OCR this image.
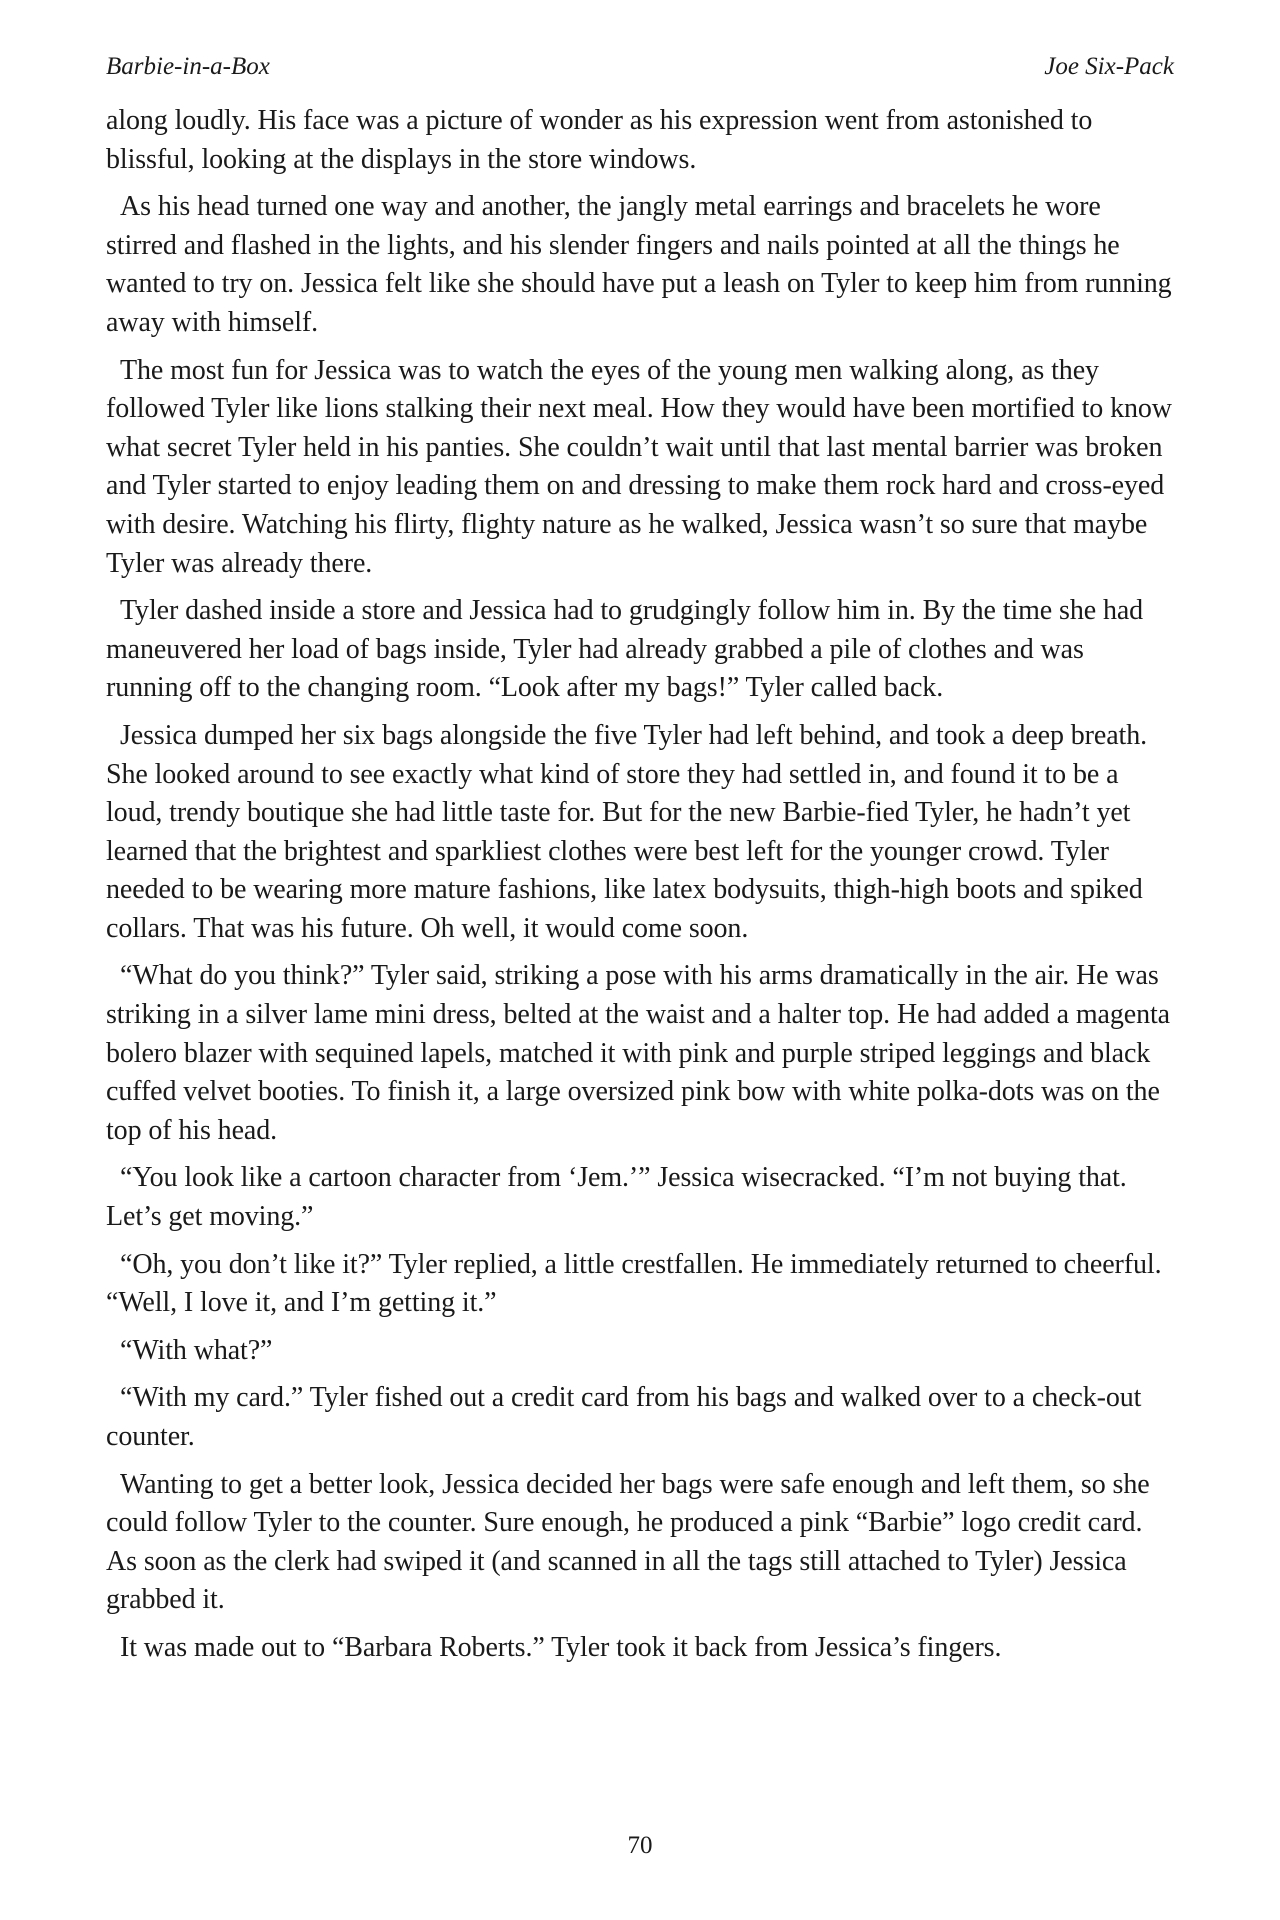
Barbie-in-a-Box	Joe Six-Pack

along loudly. His face was a picture of wonder as his expression went from astonished to blissful, looking at the displays in the store windows.

As his head turned one way and another, the jangly metal earrings and bracelets he wore stirred and flashed in the lights, and his slender fingers and nails pointed at all the things he wanted to try on. Jessica felt like she should have put a leash on Tyler to keep him from running away with himself.

The most fun for Jessica was to watch the eyes of the young men walking along, as they followed Tyler like lions stalking their next meal. How they would have been mortified to know what secret Tyler held in his panties. She couldn’t wait until that last mental barrier was broken and Tyler started to enjoy leading them on and dressing to make them rock hard and cross-eyed with desire. Watching his flirty, flighty nature as he walked, Jessica wasn’t so sure that maybe Tyler was already there.

Tyler dashed inside a store and Jessica had to grudgingly follow him in. By the time she had maneuvered her load of bags inside, Tyler had already grabbed a pile of clothes and was running off to the changing room. “Look after my bags!” Tyler called back.

Jessica dumped her six bags alongside the five Tyler had left behind, and took a deep breath. She looked around to see exactly what kind of store they had settled in, and found it to be a loud, trendy boutique she had little taste for. But for the new Barbie-fied Tyler, he hadn’t yet learned that the brightest and sparkliest clothes were best left for the younger crowd. Tyler needed to be wearing more mature fashions, like latex bodysuits, thigh-high boots and spiked collars. That was his future. Oh well, it would come soon.

“What do you think?” Tyler said, striking a pose with his arms dramatically in the air. He was striking in a silver lame mini dress, belted at the waist and a halter top. He had added a magenta bolero blazer with sequined lapels, matched it with pink and purple striped leggings and black cuffed velvet booties. To finish it, a large oversized pink bow with white polka-dots was on the top of his head.

“You look like a cartoon character from ‘Jem.’” Jessica wisecracked. “I’m not buying that. Let’s get moving.”

“Oh, you don’t like it?” Tyler replied, a little crestfallen. He immediately returned to cheerful. “Well, I love it, and I’m getting it.”

“With what?”

“With my card.” Tyler fished out a credit card from his bags and walked over to a check-out counter.

Wanting to get a better look, Jessica decided her bags were safe enough and left them, so she could follow Tyler to the counter. Sure enough, he produced a pink “Barbie” logo credit card. As soon as the clerk had swiped it (and scanned in all the tags still attached to Tyler) Jessica grabbed it.

It was made out to “Barbara Roberts.” Tyler took it back from Jessica’s fingers.

70
